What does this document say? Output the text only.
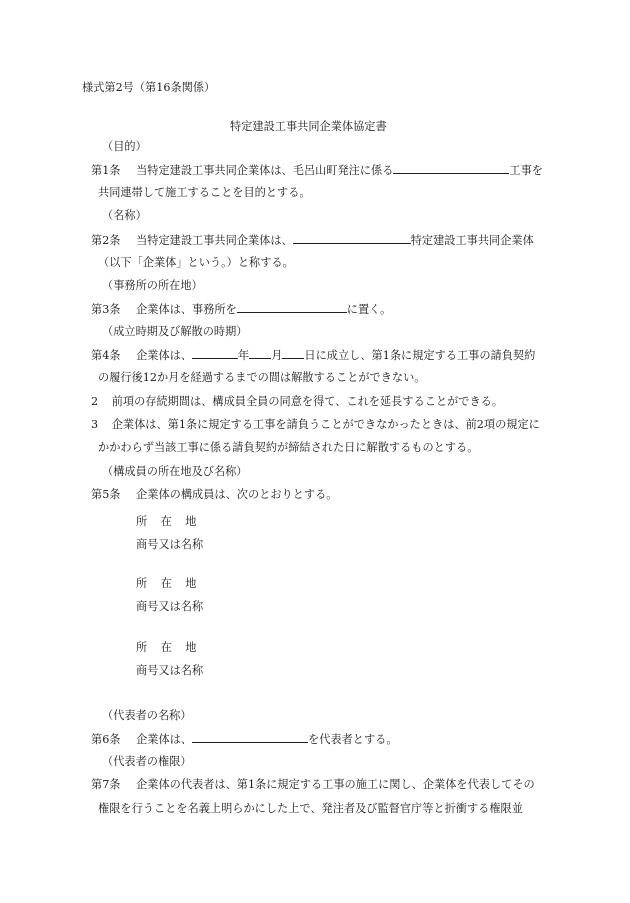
様式第2号（第16条関係）
特定建設工事共同企業体協定書
（目的）
第1条 当特定建設工事共同企業体は、毛呂山町発注に係る	工事を
共同連帯して施工することを目的とする。
（名称）
第2条 当特定建設工事共同企業体は、	特定建設工事共同企業体
（以下「企業体」という。）と称する。
（事務所の所在地）
第3条 企業体は、事務所を	に置く。
（成立時期及び解散の時期）
第4条 企業体は、	年 月 日に成立し、第1条に規定する工事の請負契約
の履行後12か月を経過するまでの間は解散することができない。
2 前項の存続期間は、構成員全員の同意を得て、これを延長することができる。
3 企業体は、第1条に規定する工事を請負うことができなかったときは、前2項の規定に
かかわらず当該工事に係る請負契約が締結された日に解散するものとする。
（構成員の所在地及び名称）
第5条 企業体の構成員は、次のとおりとする。
所在地
商号又は名称
所在地
商号又は名称
所在地
商号又は名称
（代表者の名称）
第6条 企業体は、	を代表者とする。
（代表者の権限）
第7条 企業体の代表者は、第1条に規定する工事の施工に関し、企業体を代表してその
権限を行うことを名義上明らかにした上で、発注者及び監督官庁等と折衝する権限並
